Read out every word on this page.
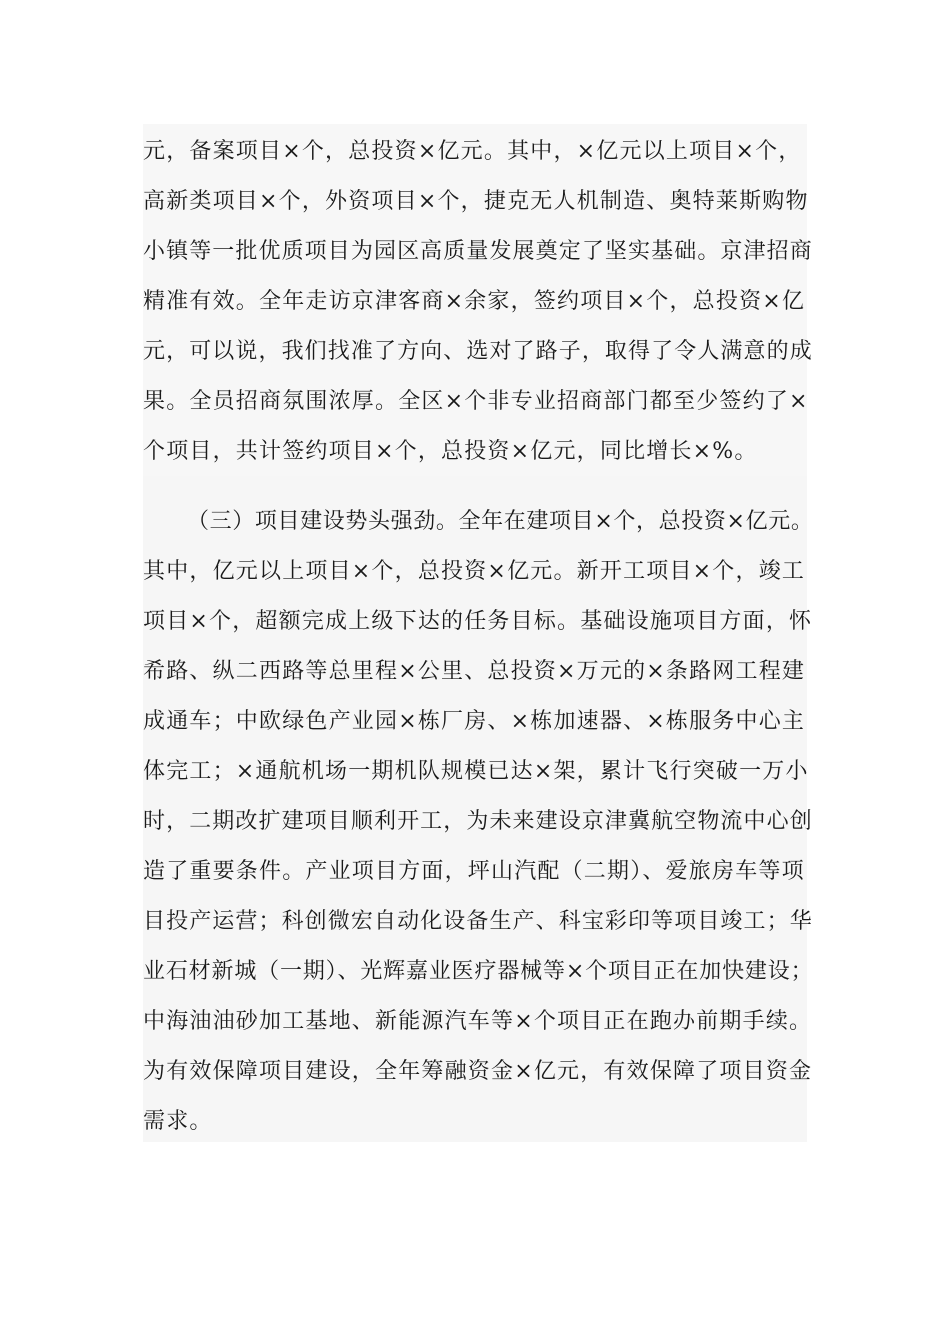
元，备案项目×个，总投资×亿元。其中，×亿元以上项目×个，
高新类项目×个，外资项目×个，捷克无人机制造、奥特莱斯购物
小镇等一批优质项目为园区高质量发展奠定了坚实基础。京津招商
精准有效。全年走访京津客商×余家，签约项目×个，总投资×亿
元，可以说，我们找准了方向、选对了路子，取得了令人满意的成
果。全员招商氛围浓厚。全区×个非专业招商部门都至少签约了×
个项目，共计签约项目×个，总投资×亿元，同比增长×%。
（三）项目建设势头强劲。全年在建项目×个，总投资×亿元。
其中，亿元以上项目×个，总投资×亿元。新开工项目×个，竣工
项目×个，超额完成上级下达的任务目标。基础设施项目方面，怀
希路、纵二西路等总里程×公里、总投资×万元的×条路网工程建
成通车；中欧绿色产业园×栋厂房、×栋加速器、×栋服务中心主
体完工；×通航机场一期机队规模已达×架，累计飞行突破一万小
时，二期改扩建项目顺利开工，为未来建设京津冀航空物流中心创
造了重要条件。产业项目方面，坪山汽配（二期）、爱旅房车等项
目投产运营；科创微宏自动化设备生产、科宝彩印等项目竣工；华
业石材新城（一期）、光辉嘉业医疗器械等×个项目正在加快建设；
中海油油砂加工基地、新能源汽车等×个项目正在跑办前期手续。
为有效保障项目建设，全年筹融资金×亿元，有效保障了项目资金
需求。
